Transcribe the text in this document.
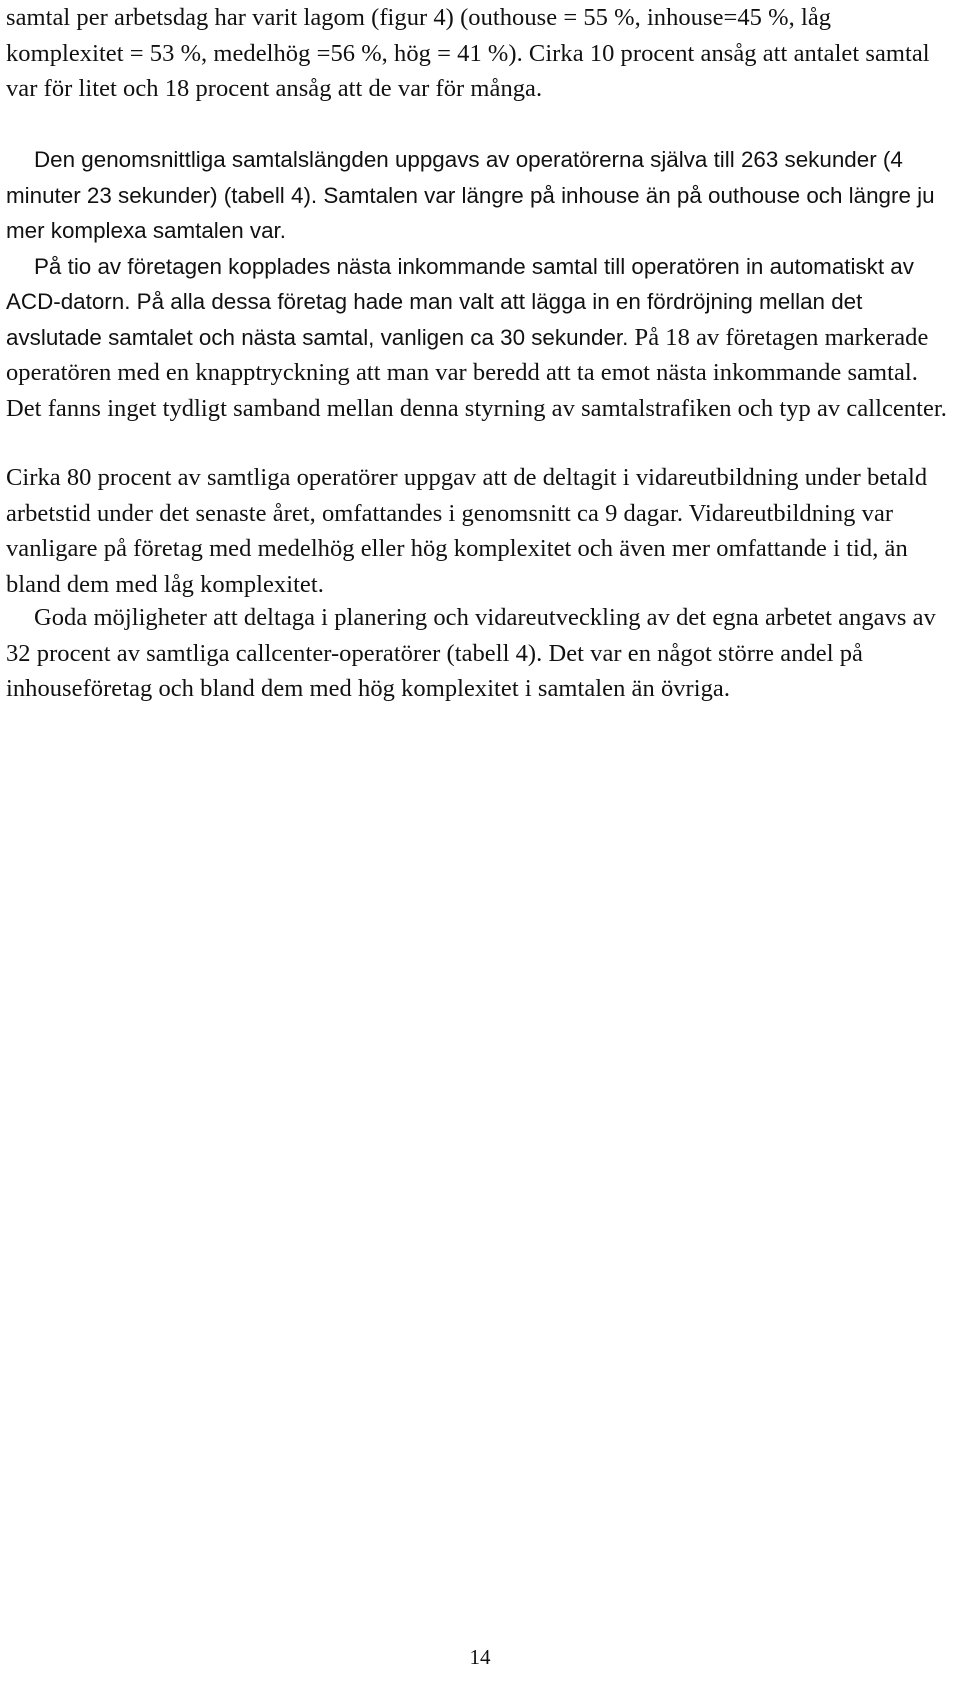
samtal per arbetsdag har varit lagom (figur 4) (outhouse = 55 %, inhouse=45 %, låg komplexitet = 53 %, medelhög =56 %, hög = 41 %). Cirka 10 procent ansåg att antalet samtal var för litet och 18 procent ansåg att de var för många.

Den genomsnittliga samtalslängden uppgavs av operatörerna själva till 263 sekunder (4 minuter 23 sekunder) (tabell 4). Samtalen var längre på inhouse än på outhouse och längre ju mer komplexa samtalen var.

På tio av företagen kopplades nästa inkommande samtal till operatören in automatiskt av ACD-datorn. På alla dessa företag hade man valt att lägga in en fördröjning mellan det avslutade samtalet och nästa samtal, vanligen ca 30 sekunder. På 18 av företagen markerade operatören med en knapptryckning att man var beredd att ta emot nästa inkommande samtal. Det fanns inget tydligt samband mellan denna styrning av samtalstrafiken och typ av callcenter.

Cirka 80 procent av samtliga operatörer uppgav att de deltagit i vidareutbildning under betald arbetstid under det senaste året, omfattandes i genomsnitt ca 9 dagar. Vidareutbildning var vanligare på företag med medelhög eller hög komplexitet och även mer omfattande i tid, än bland dem med låg komplexitet.

Goda möjligheter att deltaga i planering och vidareutveckling av det egna arbetet angavs av 32 procent av samtliga callcenter-operatörer (tabell 4). Det var en något större andel på inhouseföretag och bland dem med hög komplexitet i samtalen än övriga.

14
